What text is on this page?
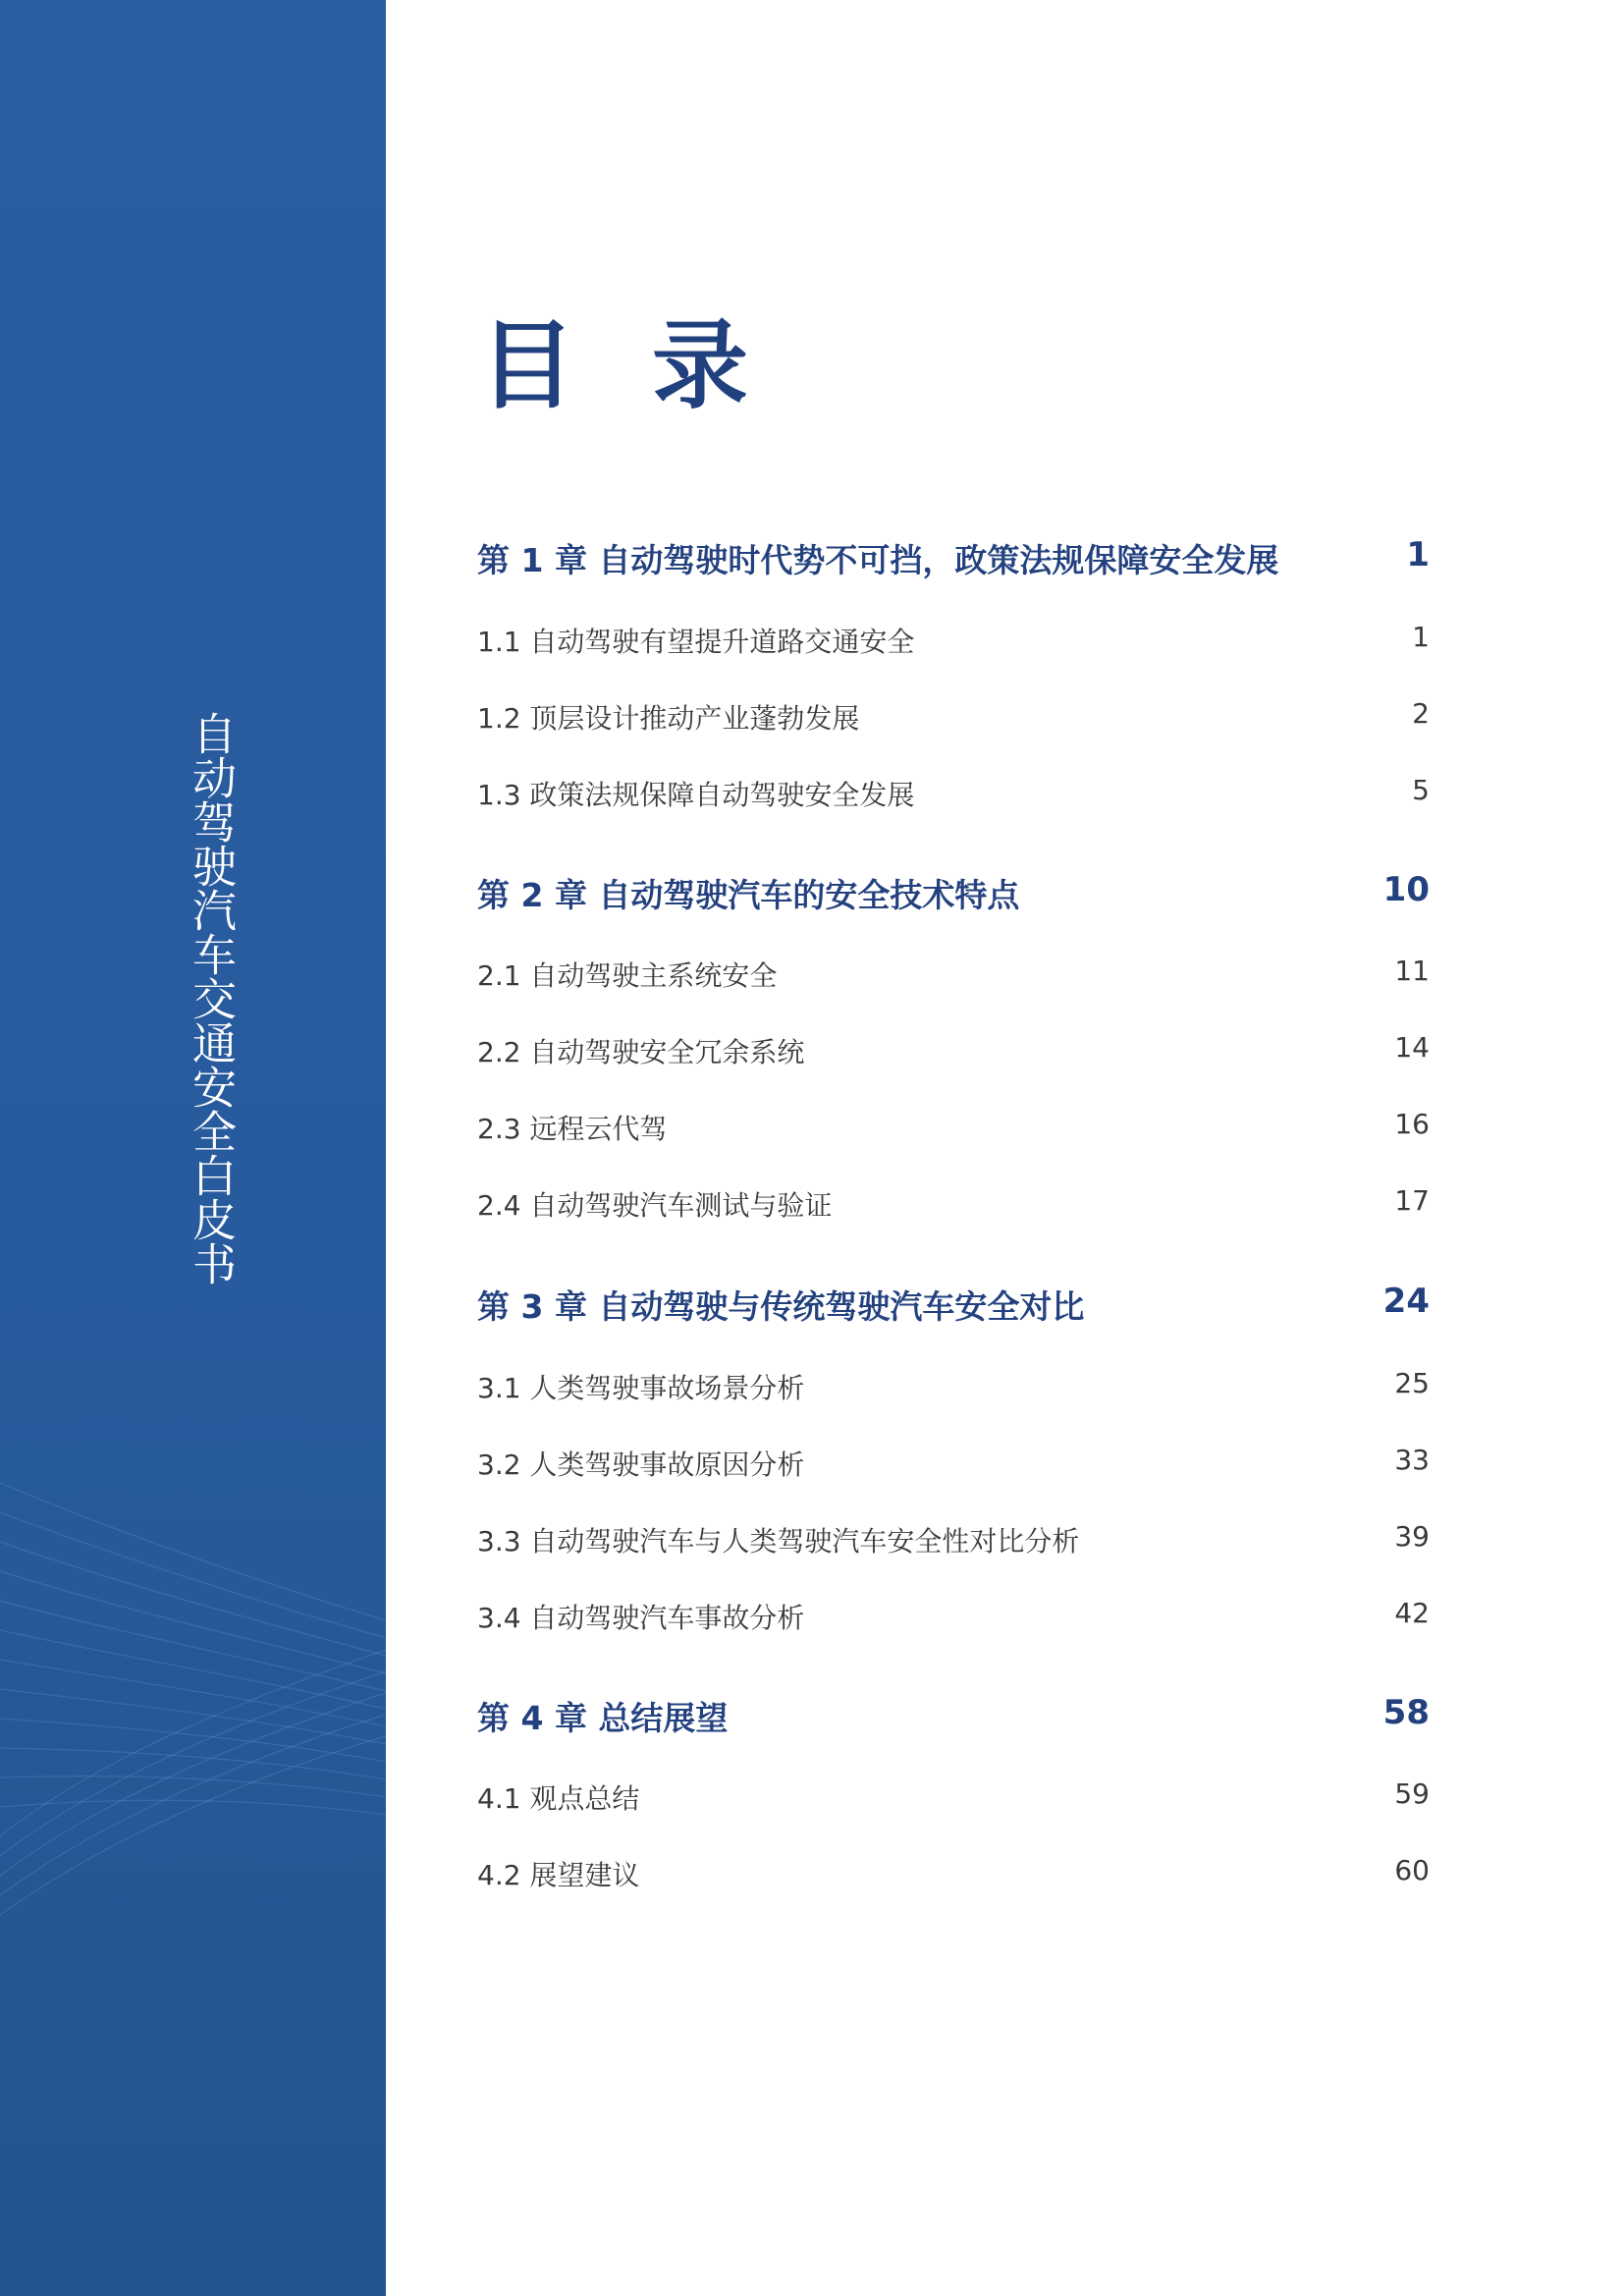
自动驾驶汽车交通安全白皮书
目录
第 1 章 自动驾驶时代势不可挡，政策法规保障安全发展	1
1.1 自动驾驶有望提升道路交通安全	1
1.2 顶层设计推动产业蓬勃发展	2
1.3 政策法规保障自动驾驶安全发展	5
第 2 章 自动驾驶汽车的安全技术特点	10
2.1 自动驾驶主系统安全	11
2.2 自动驾驶安全冗余系统	14
2.3 远程云代驾	16
2.4 自动驾驶汽车测试与验证	17
第 3 章 自动驾驶与传统驾驶汽车安全对比	24
3.1 人类驾驶事故场景分析	25
3.2 人类驾驶事故原因分析	33
3.3 自动驾驶汽车与人类驾驶汽车安全性对比分析	39
3.4 自动驾驶汽车事故分析	42
第 4 章 总结展望	58
4.1 观点总结	59
4.2 展望建议	60
